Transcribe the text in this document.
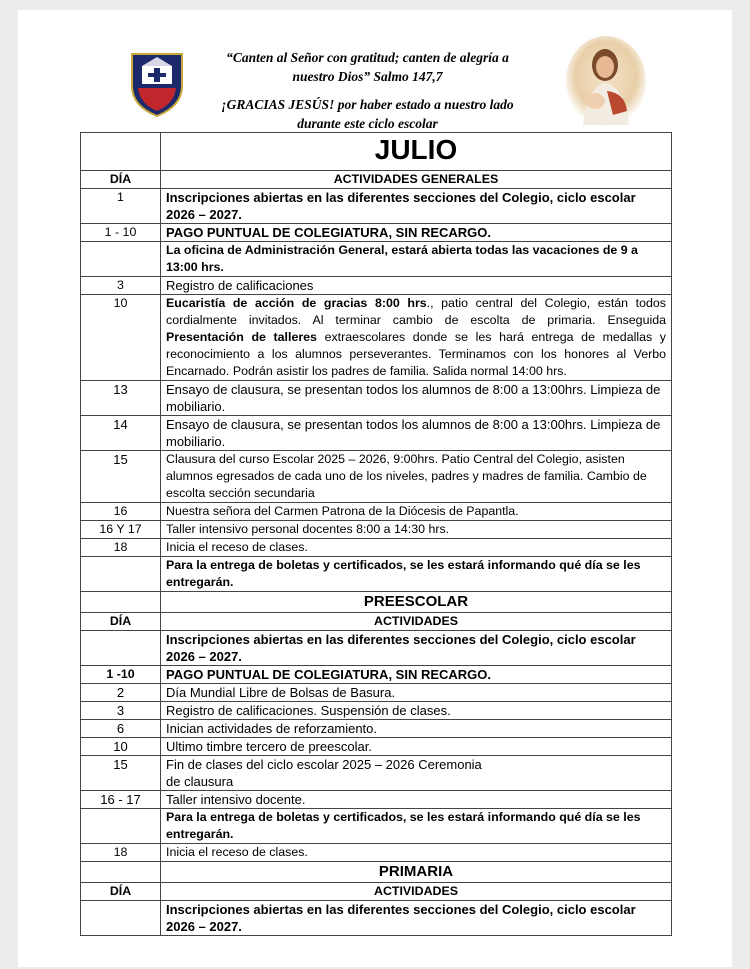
“Canten al Señor con gratitud; canten de alegría a nuestro Dios” Salmo 147,7
¡GRACIAS JESÚS! por haber estado a nuestro lado durante este ciclo escolar
	JULIO
DÍA	ACTIVIDADES GENERALES
1	Inscripciones abiertas en las diferentes secciones del Colegio, ciclo escolar 2026 – 2027.
1 - 10	PAGO PUNTUAL DE COLEGIATURA, SIN RECARGO.
	La oficina de Administración General, estará abierta todas las vacaciones de 9 a 13:00 hrs.
3	Registro de calificaciones
10	Eucaristía de acción de gracias 8:00 hrs., patio central del Colegio, están todos cordialmente invitados. Al terminar cambio de escolta de primaria. Enseguida Presentación de talleres extraescolares donde se les hará entrega de medallas y reconocimiento a los alumnos perseverantes. Terminamos con los honores al Verbo Encarnado. Podrán asistir los padres de familia. Salida normal 14:00 hrs.
13	Ensayo de clausura, se presentan todos los alumnos de 8:00 a 13:00hrs. Limpieza de mobiliario.
14	Ensayo de clausura, se presentan todos los alumnos de 8:00 a 13:00hrs. Limpieza de mobiliario.
15	Clausura del curso Escolar 2025 – 2026, 9:00hrs. Patio Central del Colegio, asisten alumnos egresados de cada uno de los niveles, padres y madres de familia. Cambio de escolta sección secundaria
16	Nuestra señora del Carmen Patrona de la Diócesis de Papantla.
16 Y 17	Taller intensivo personal docentes 8:00 a 14:30 hrs.
18	Inicia el receso de clases.
	Para la entrega de boletas y certificados, se les estará informando qué día se les entregarán.
	PREESCOLAR
DÍA	ACTIVIDADES
	Inscripciones abiertas en las diferentes secciones del Colegio, ciclo escolar 2026 – 2027.
1 -10	PAGO PUNTUAL DE COLEGIATURA, SIN RECARGO.
2	Día Mundial Libre de Bolsas de Basura.
3	Registro de calificaciones. Suspensión de clases.
6	Inician actividades de reforzamiento.
10	Ultimo timbre tercero de preescolar.
15	Fin de clases del ciclo escolar 2025 – 2026 Ceremonia de clausura
16 - 17	Taller intensivo docente.
	Para la entrega de boletas y certificados, se les estará informando qué día se les entregarán.
18	Inicia el receso de clases.
	PRIMARIA
DÍA	ACTIVIDADES
	Inscripciones abiertas en las diferentes secciones del Colegio, ciclo escolar 2026 – 2027.
